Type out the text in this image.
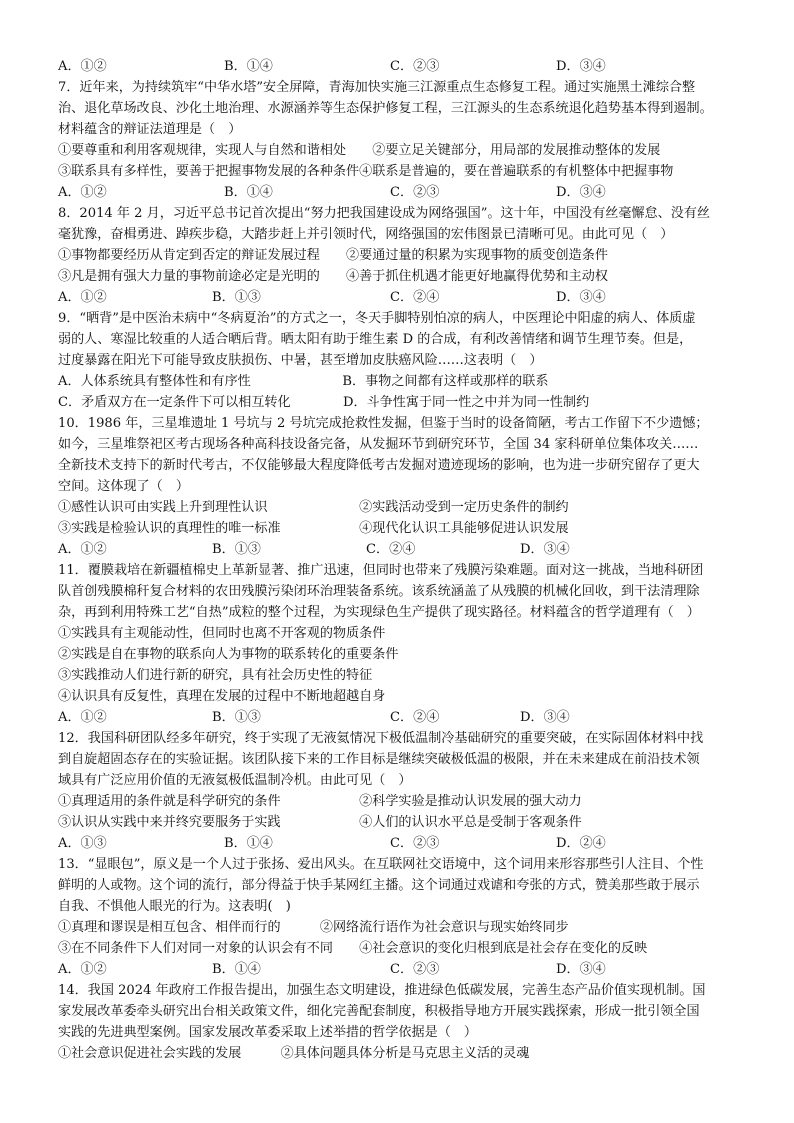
A．①②	B．①④	C．②③	D．③④
7．近年来，为持续筑牢“中华水塔”安全屏障，青海加快实施三江源重点生态修复工程。通过实施黑土滩综合整
治、退化草场改良、沙化土地治理、水源涵养等生态保护修复工程，三江源头的生态系统退化趋势基本得到遏制。
材料蕴含的辩证法道理是（　）
①要尊重和利用客观规律，实现人与自然和谐相处　　②要立足关键部分，用局部的发展推动整体的发展
③联系具有多样性，要善于把握事物发展的各种条件④联系是普遍的，要在普遍联系的有机整体中把握事物
A．①②	B．①④	C．②③	D．③④
8．2014 年 2 月，习近平总书记首次提出“努力把我国建设成为网络强国”。这十年，中国没有丝毫懈怠、没有丝
毫犹豫，奋楫勇进、踔疾步稳，大踏步赶上并引领时代，网络强国的宏伟图景已清晰可见。由此可见（　）
①事物都要经历从肯定到否定的辩证发展过程　　②要通过量的积累为实现事物的质变创造条件
③凡是拥有强大力量的事物前途必定是光明的　　④善于抓住机遇才能更好地赢得优势和主动权
A．①②	B．①③	C．②④	D．③④
9．“晒背”是中医治未病中“冬病夏治”的方式之一，冬天手脚特别怕凉的病人，中医理论中阳虚的病人、体质虚
弱的人、寒湿比较重的人适合晒后背。晒太阳有助于维生素 D 的合成，有利改善情绪和调节生理节奏。但是，
过度暴露在阳光下可能导致皮肤损伤、中暑，甚至增加皮肤癌风险……这表明（　）
A．人体系统具有整体性和有序性　　　　　　　B．事物之间都有这样或那样的联系
C．矛盾双方在一定条件下可以相互转化　　　　D．斗争性寓于同一性之中并为同一性制约
10．1986 年，三星堆遗址 1 号坑与 2 号坑完成抢救性发掘，但鉴于当时的设备简陋，考古工作留下不少遗憾；
如今，三星堆祭祀区考古现场各种高科技设备完备，从发掘环节到研究环节，全国 34 家科研单位集体攻关……
全新技术支持下的新时代考古，不仅能够最大程度降低考古发掘对遗迹现场的影响，也为进一步研究留存了更大
空间。这体现了（　）
①感性认识可由实践上升到理性认识　　　　　　　②实践活动受到一定历史条件的制约
③实践是检验认识的真理性的唯一标准　　　　　　④现代化认识工具能够促进认识发展
A．①②	B．①③	C．②④	D．③④
11．覆膜栽培在新疆植棉史上革新显著、推广迅速，但同时也带来了残膜污染难题。面对这一挑战，当地科研团
队首创残膜棉秆复合材料的农田残膜污染闭环治理装备系统。该系统涵盖了从残膜的机械化回收，到干法清理除
杂，再到利用特殊工艺“自热”成粒的整个过程，为实现绿色生产提供了现实路径。材料蕴含的哲学道理有（　）
①实践具有主观能动性，但同时也离不开客观的物质条件
②实践是自在事物的联系向人为事物的联系转化的重要条件
③实践推动人们进行新的研究，具有社会历史性的特征
④认识具有反复性，真理在发展的过程中不断地超越自身
A．①②	B．①③	C．②④	D．③④
12．我国科研团队经多年研究，终于实现了无液氦情况下极低温制冷基础研究的重要突破，在实际固体材料中找
到自旋超固态存在的实验证据。该团队接下来的工作目标是继续突破极低温的极限，并在未来建成在前沿技术领
域具有广泛应用价值的无液氦极低温制冷机。由此可见（　）
①真理适用的条件就是科学研究的条件　　　　　　②科学实验是推动认识发展的强大动力
③认识从实践中来并终究要服务于实践　　　　　　④人们的认识水平总是受制于客观条件
A．①③	B．①④	C．②③	D．②④
13．“显眼包”，原义是一个人过于张扬、爱出风头。在互联网社交语境中，这个词用来形容那些引人注目、个性
鲜明的人或物。这个词的流行，部分得益于快手某网红主播。这个词通过戏谑和夸张的方式，赞美那些敢于展示
自我、不惧他人眼光的行为。这表明(　)
①真理和谬误是相互包含、相伴而行的　　　②网络流行语作为社会意识与现实始终同步
③在不同条件下人们对同一对象的认识会有不同　　④社会意识的变化归根到底是社会存在变化的反映
A．①②	B．①④	C．②③	D．③④
14．我国 2024 年政府工作报告提出，加强生态文明建设，推进绿色低碳发展，完善生态产品价值实现机制。国
家发展改革委牵头研究出台相关政策文件，细化完善配套制度，积极指导地方开展实践探索，形成一批引领全国
实践的先进典型案例。国家发展改革委采取上述举措的哲学依据是（　）
①社会意识促进社会实践的发展　　　②具体问题具体分析是马克思主义活的灵魂
